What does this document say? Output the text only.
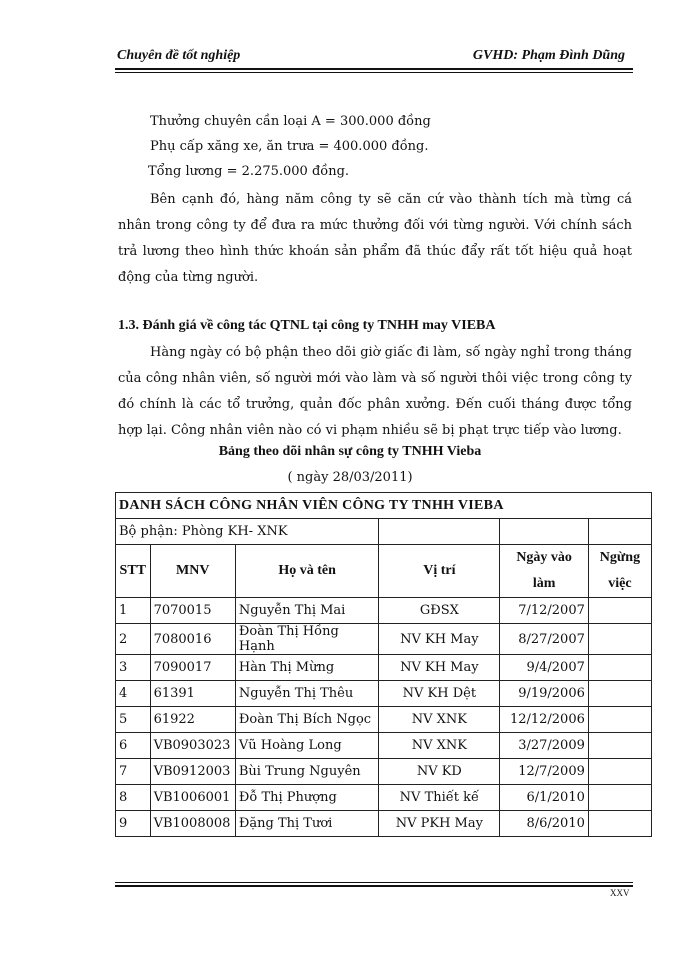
Chuyên đề tốt nghiệp	GVHD: Phạm Đình Dũng
Thưởng chuyên cần loại A = 300.000 đồng
Phụ cấp xăng xe, ăn trưa = 400.000 đồng.
Tổng lương = 2.275.000 đồng.
Bên cạnh đó, hàng năm công ty sẽ căn cứ vào thành tích mà từng cá nhân trong công ty để đưa ra mức thưởng đối với từng người. Với chính sách trả lương theo hình thức khoán sản phẩm đã thúc đẩy rất tốt hiệu quả hoạt động của từng người.
1.3. Đánh giá về công tác QTNL tại công ty TNHH may VIEBA
Hàng ngày có bộ phận theo dõi giờ giấc đi làm, số ngày nghỉ trong tháng của công nhân viên, số người mới vào làm và số người thôi việc trong công ty đó chính là các tổ trưởng, quản đốc phân xưởng. Đến cuối tháng được tổng hợp lại. Công nhân viên nào có vi phạm nhiều sẽ bị phạt trực tiếp vào lương.
Bảng theo dõi nhân sự công ty TNHH Vieba
( ngày 28/03/2011)
DANH SÁCH CÔNG NHÂN VIÊN CÔNG TY TNHH VIEBA					
Bộ phận: Phòng KH- XNK					
STT	MNV	Họ và tên	Vị trí	Ngày vào làm	Ngừng việc
1	7070015	Nguyễn Thị Mai	GĐSX	7/12/2007	
2	7080016	Đoàn Thị Hồng Hạnh	NV KH May	8/27/2007	
3	7090017	Hàn Thị Mừng	NV KH May	9/4/2007	
4	61391	Nguyễn Thị Thêu	NV KH Dệt	9/19/2006	
5	61922	Đoàn Thị Bích Ngọc	NV XNK	12/12/2006	
6	VB0903023	Vũ Hoàng Long	NV XNK	3/27/2009	
7	VB0912003	Bùi Trung Nguyên	NV KD	12/7/2009	
8	VB1006001	Đỗ Thị Phượng	NV Thiết kế	6/1/2010	
9	VB1008008	Đặng Thị Tươi	NV PKH May	8/6/2010	
XXV
